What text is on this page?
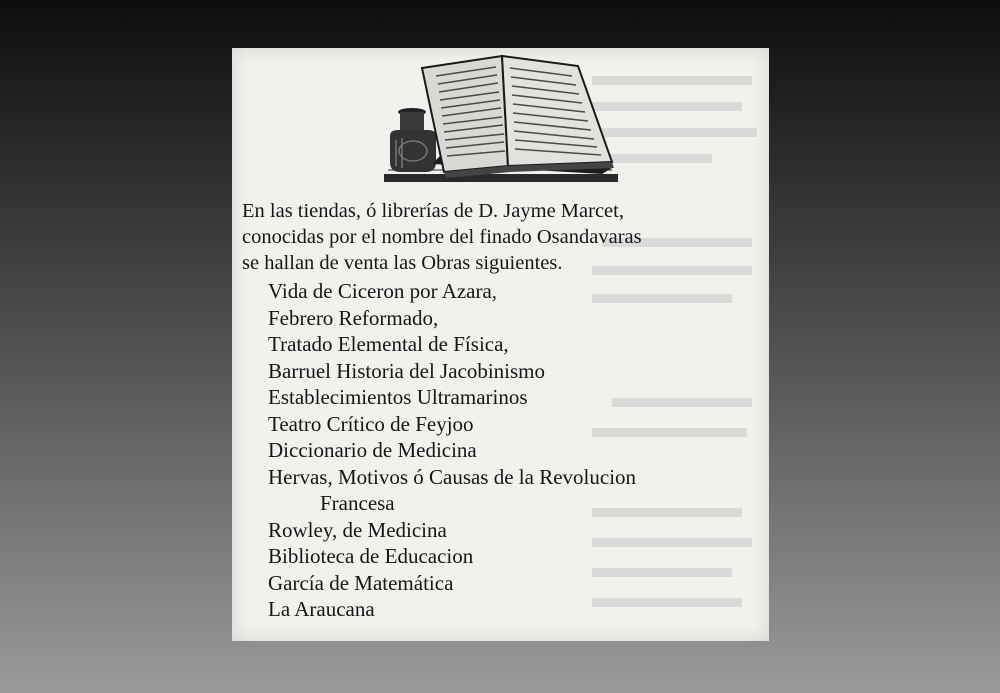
En las tiendas, ó librerías de D. Jayme Marcet,

conocidas por el nombre del finado Osandavaras

se hallan de venta las Obras siguientes.

Vida de Ciceron por Azara,
Febrero Reformado,
Tratado Elemental de Física,
Barruel Historia del Jacobinismo
Establecimientos Ultramarinos
Teatro Crítico de Feyjoo
Diccionario de Medicina
Hervas, Motivos ó Causas de la Revolucion
Francesa
Rowley, de Medicina
Biblioteca de Educacion
García de Matemática
La Araucana
